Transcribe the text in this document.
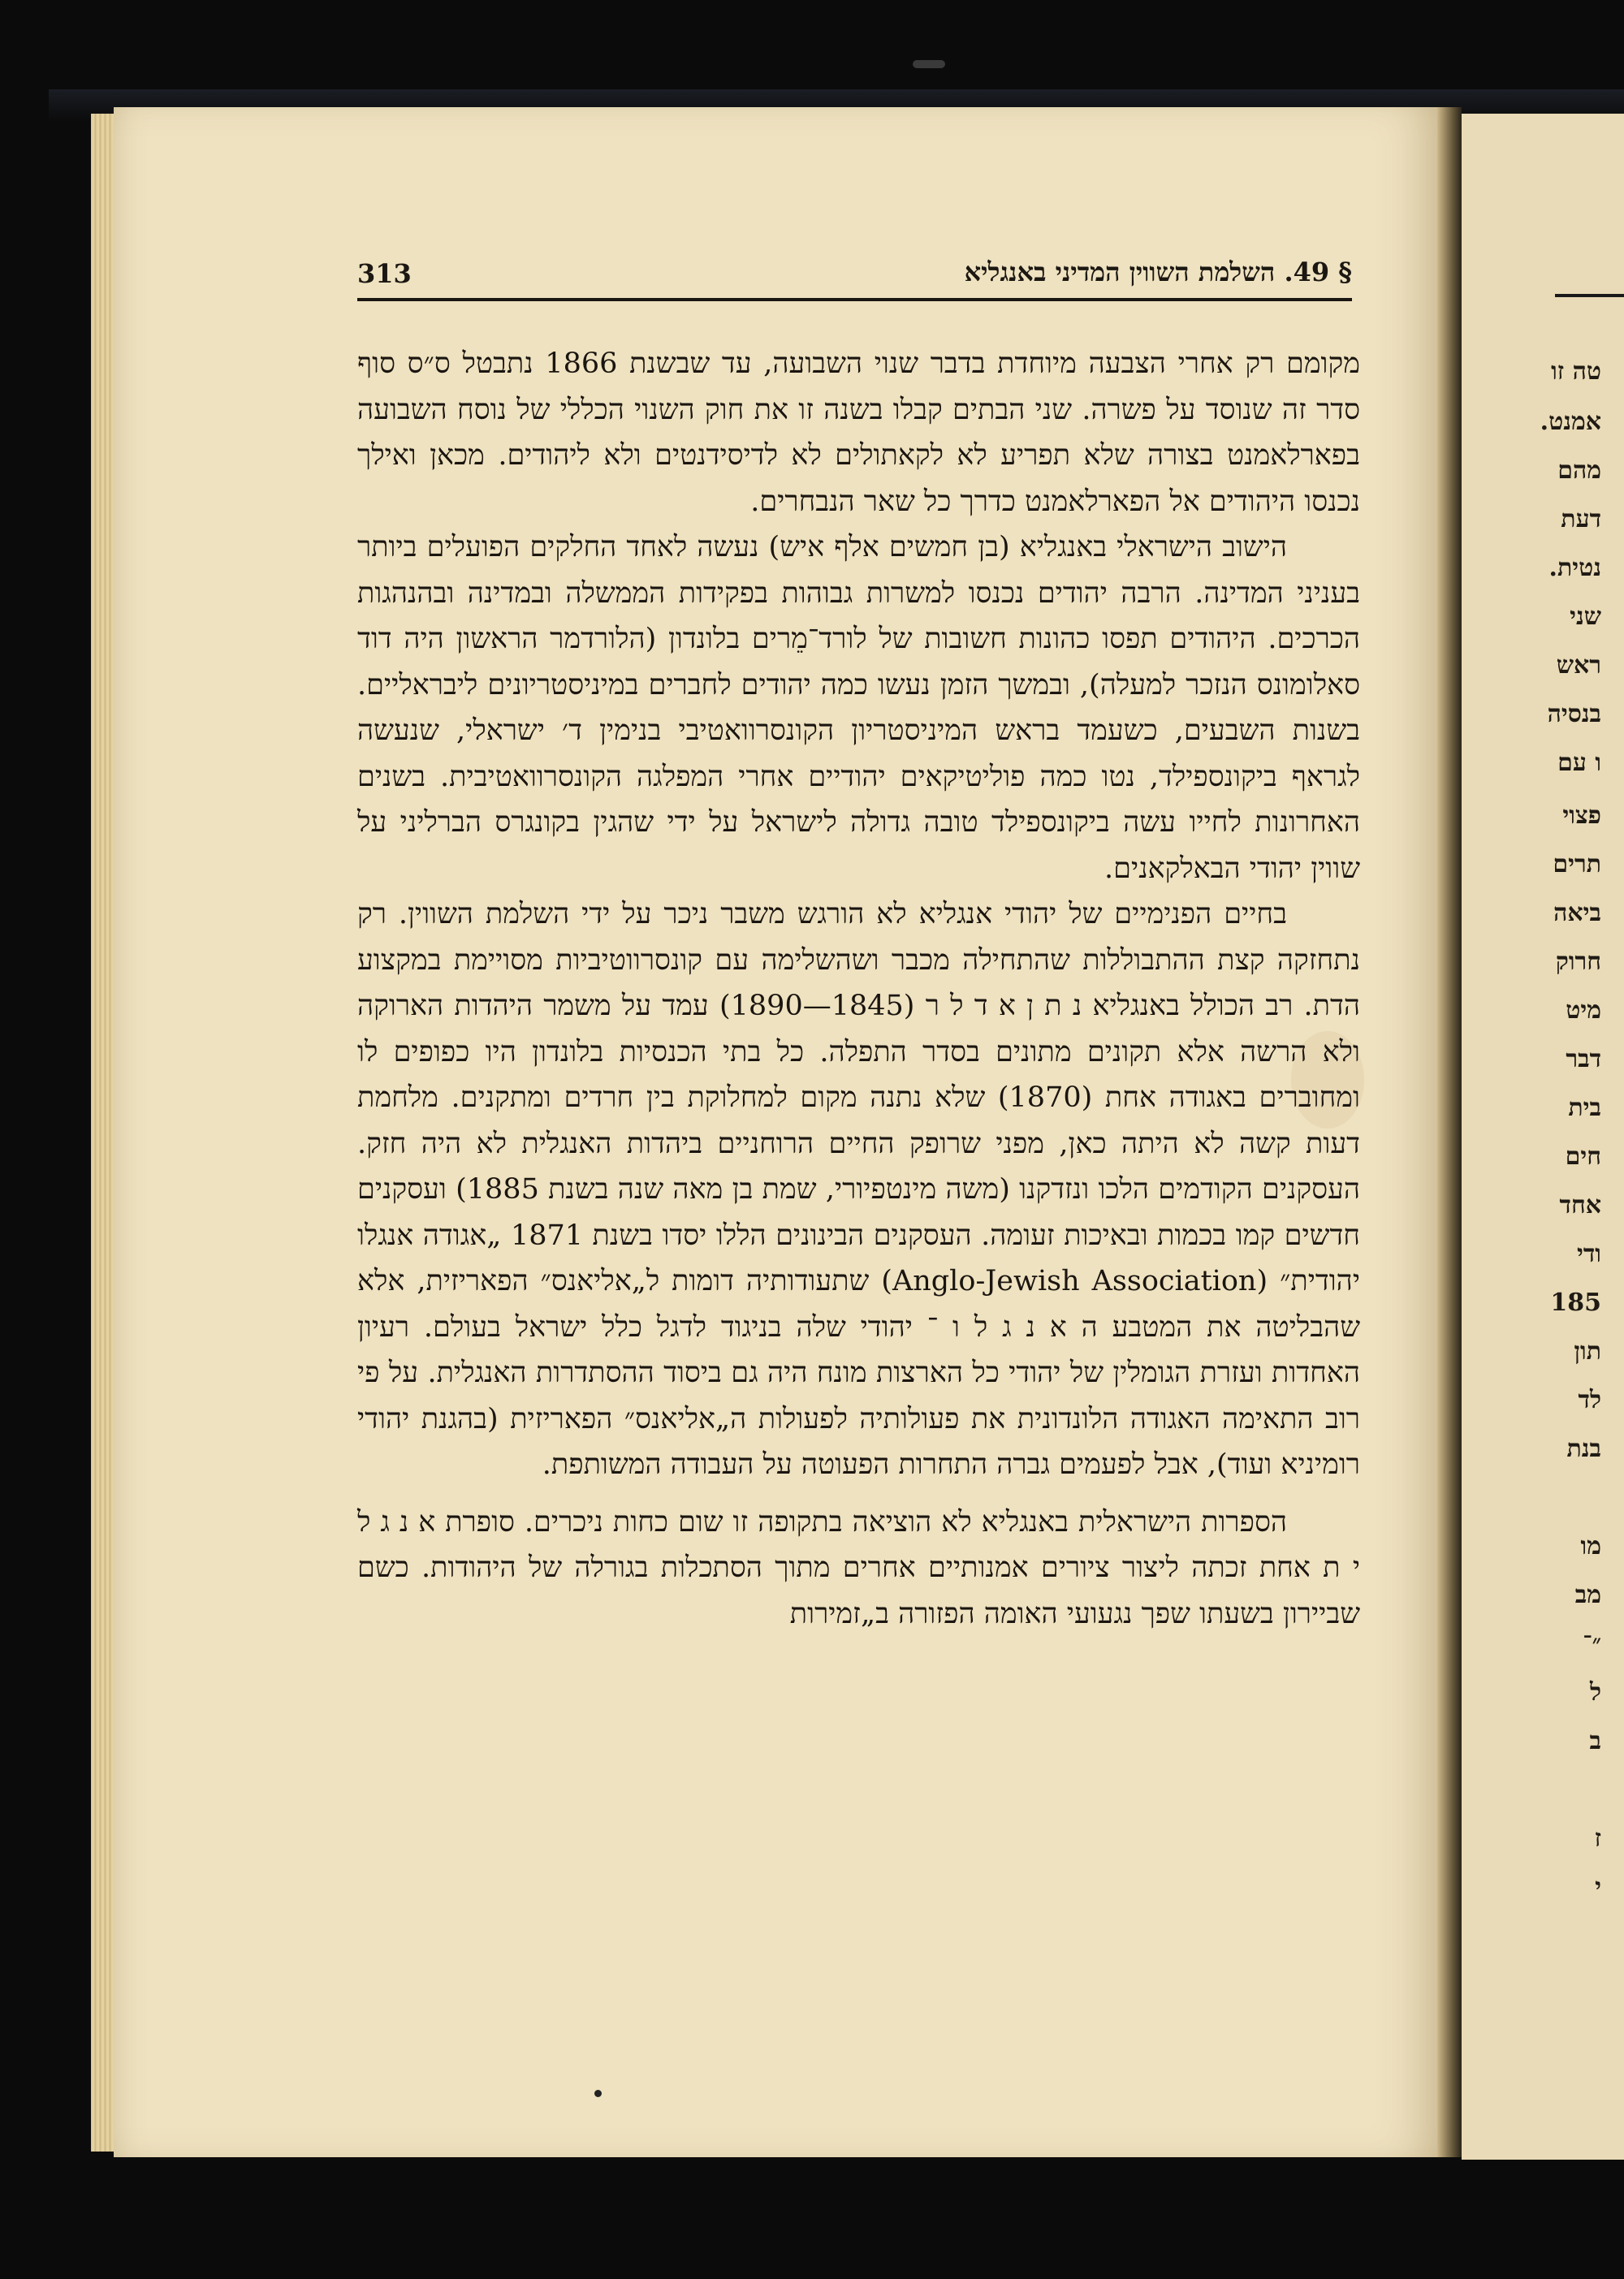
טה זו
אמנט.
מהם
דעת
נטית.
שני
ראש
בנסיה
ו עם
פצוי
תרים
ביאה
חרוק
מיט
דבר
בית
חים
אחד
ודי
185
תון
לד
בנת
מו
מב
״־
ל
ב
ז
י
313	§ 49. השלמת השווין המדיני באנגליא

מקומם רק אחרי הצבעה מיוחדת בדבר שנוי השבועה, עד שבשנת 1866 נתבטל ס״ס סוף סדר זה שנוסד על פשרה. שני הבתים קבלו בשנה זו את חוק השנוי הכללי של נוסח השבועה בפארלאמנט בצורה שלא תפריע לא לקאתולים לא לדיסידנטים ולא ליהודים. מכאן ואילך נכנסו היהודים אל הפארלאמנט כדרך כל שאר הנבחרים.

הישוב הישראלי באנגליא (בן חמשים אלף איש) נעשה לאחד החלקים הפועלים ביותר בעניני המדינה. הרבה יהודים נכנסו למשרות גבוהות בפקידות הממשלה ובמדינה ובהנהגות הכרכים. היהודים תפסו כהונות חשובות של לורד־מֵרים בלונדון (הלורדמר הראשון היה דוד סאלומונס הנזכר למעלה), ובמשך הזמן נעשו כמה יהודים לחברים במיניסטריונים ליבראליים. בשנות השבעים, כשעמד בראש המיניסטריון הקונסרוואטיבי בנימין ד׳ ישראלי, שנעשה לגראף ביקונספילד, נטו כמה פוליטיקאים יהודיים אחרי המפלגה הקונסרוואטיבית. בשנים האחרונות לחייו עשה ביקונספילד טובה גדולה לישראל על ידי שהגין בקונגרס הברליני על שווין יהודי הבאלקאנים.

בחיים הפנימיים של יהודי אנגליא לא הורגש משבר ניכר על ידי השלמת השווין. רק נתחזקה קצת ההתבוללות שהתחילה מכבר ושהשלימה עם קונסרווטיביות מסויימת במקצוע הדת. רב הכולל באנגליא נ ת ן א ד ל ר (1845—1890) עמד על משמר היהדות הארוקה ולא הרשה אלא תקונים מתונים בסדר התפלה. כל בתי הכנסיות בלונדון היו כפופים לו ומחוברים באגודה אחת (1870) שלא נתנה מקום למחלוקת בין חרדים ומתקנים. מלחמת דעות קשה לא היתה כאן, מפני שרופק החיים הרוחניים ביהדות האנגלית לא היה חזק. העסקנים הקודמים הלכו ונזדקנו (משה מינטפיורי, שמת בן מאה שנה בשנת 1885) ועסקנים חדשים קמו בכמות ובאיכות זעומה. העסקנים הבינונים הללו יסדו בשנת 1871 „אגודה אנגלו יהודית״ (Anglo-Jewish Association) שתעודותיה דומות ל„אליאנס״ הפאריזית, אלא שהבליטה את המטבע ה א נ ג ל ו ־ יהודי שלה בניגוד לדגל כלל ישראל בעולם. רעיון האחדות ועזרת הגומלין של יהודי כל הארצות מונח היה גם ביסוד ההסתדרות האנגלית. על פי רוב התאימה האגודה הלונדונית את פעולותיה לפעולות ה„אליאנס״ הפאריזית (בהגנת יהודי רומיניא ועוד), אבל לפעמים גברה התחרות הפעוטה על העבודה המשותפת.

הספרות הישראלית באנגליא לא הוציאה בתקופה זו שום כחות ניכרים. סופרת א נ ג ל י ת אחת זכתה ליצור ציורים אמנותיים אחרים מתוך הסתכלות בגורלה של היהודות. כשם שביירון בשעתו שפך נגעועי האומה הפזורה ב„זמירות
